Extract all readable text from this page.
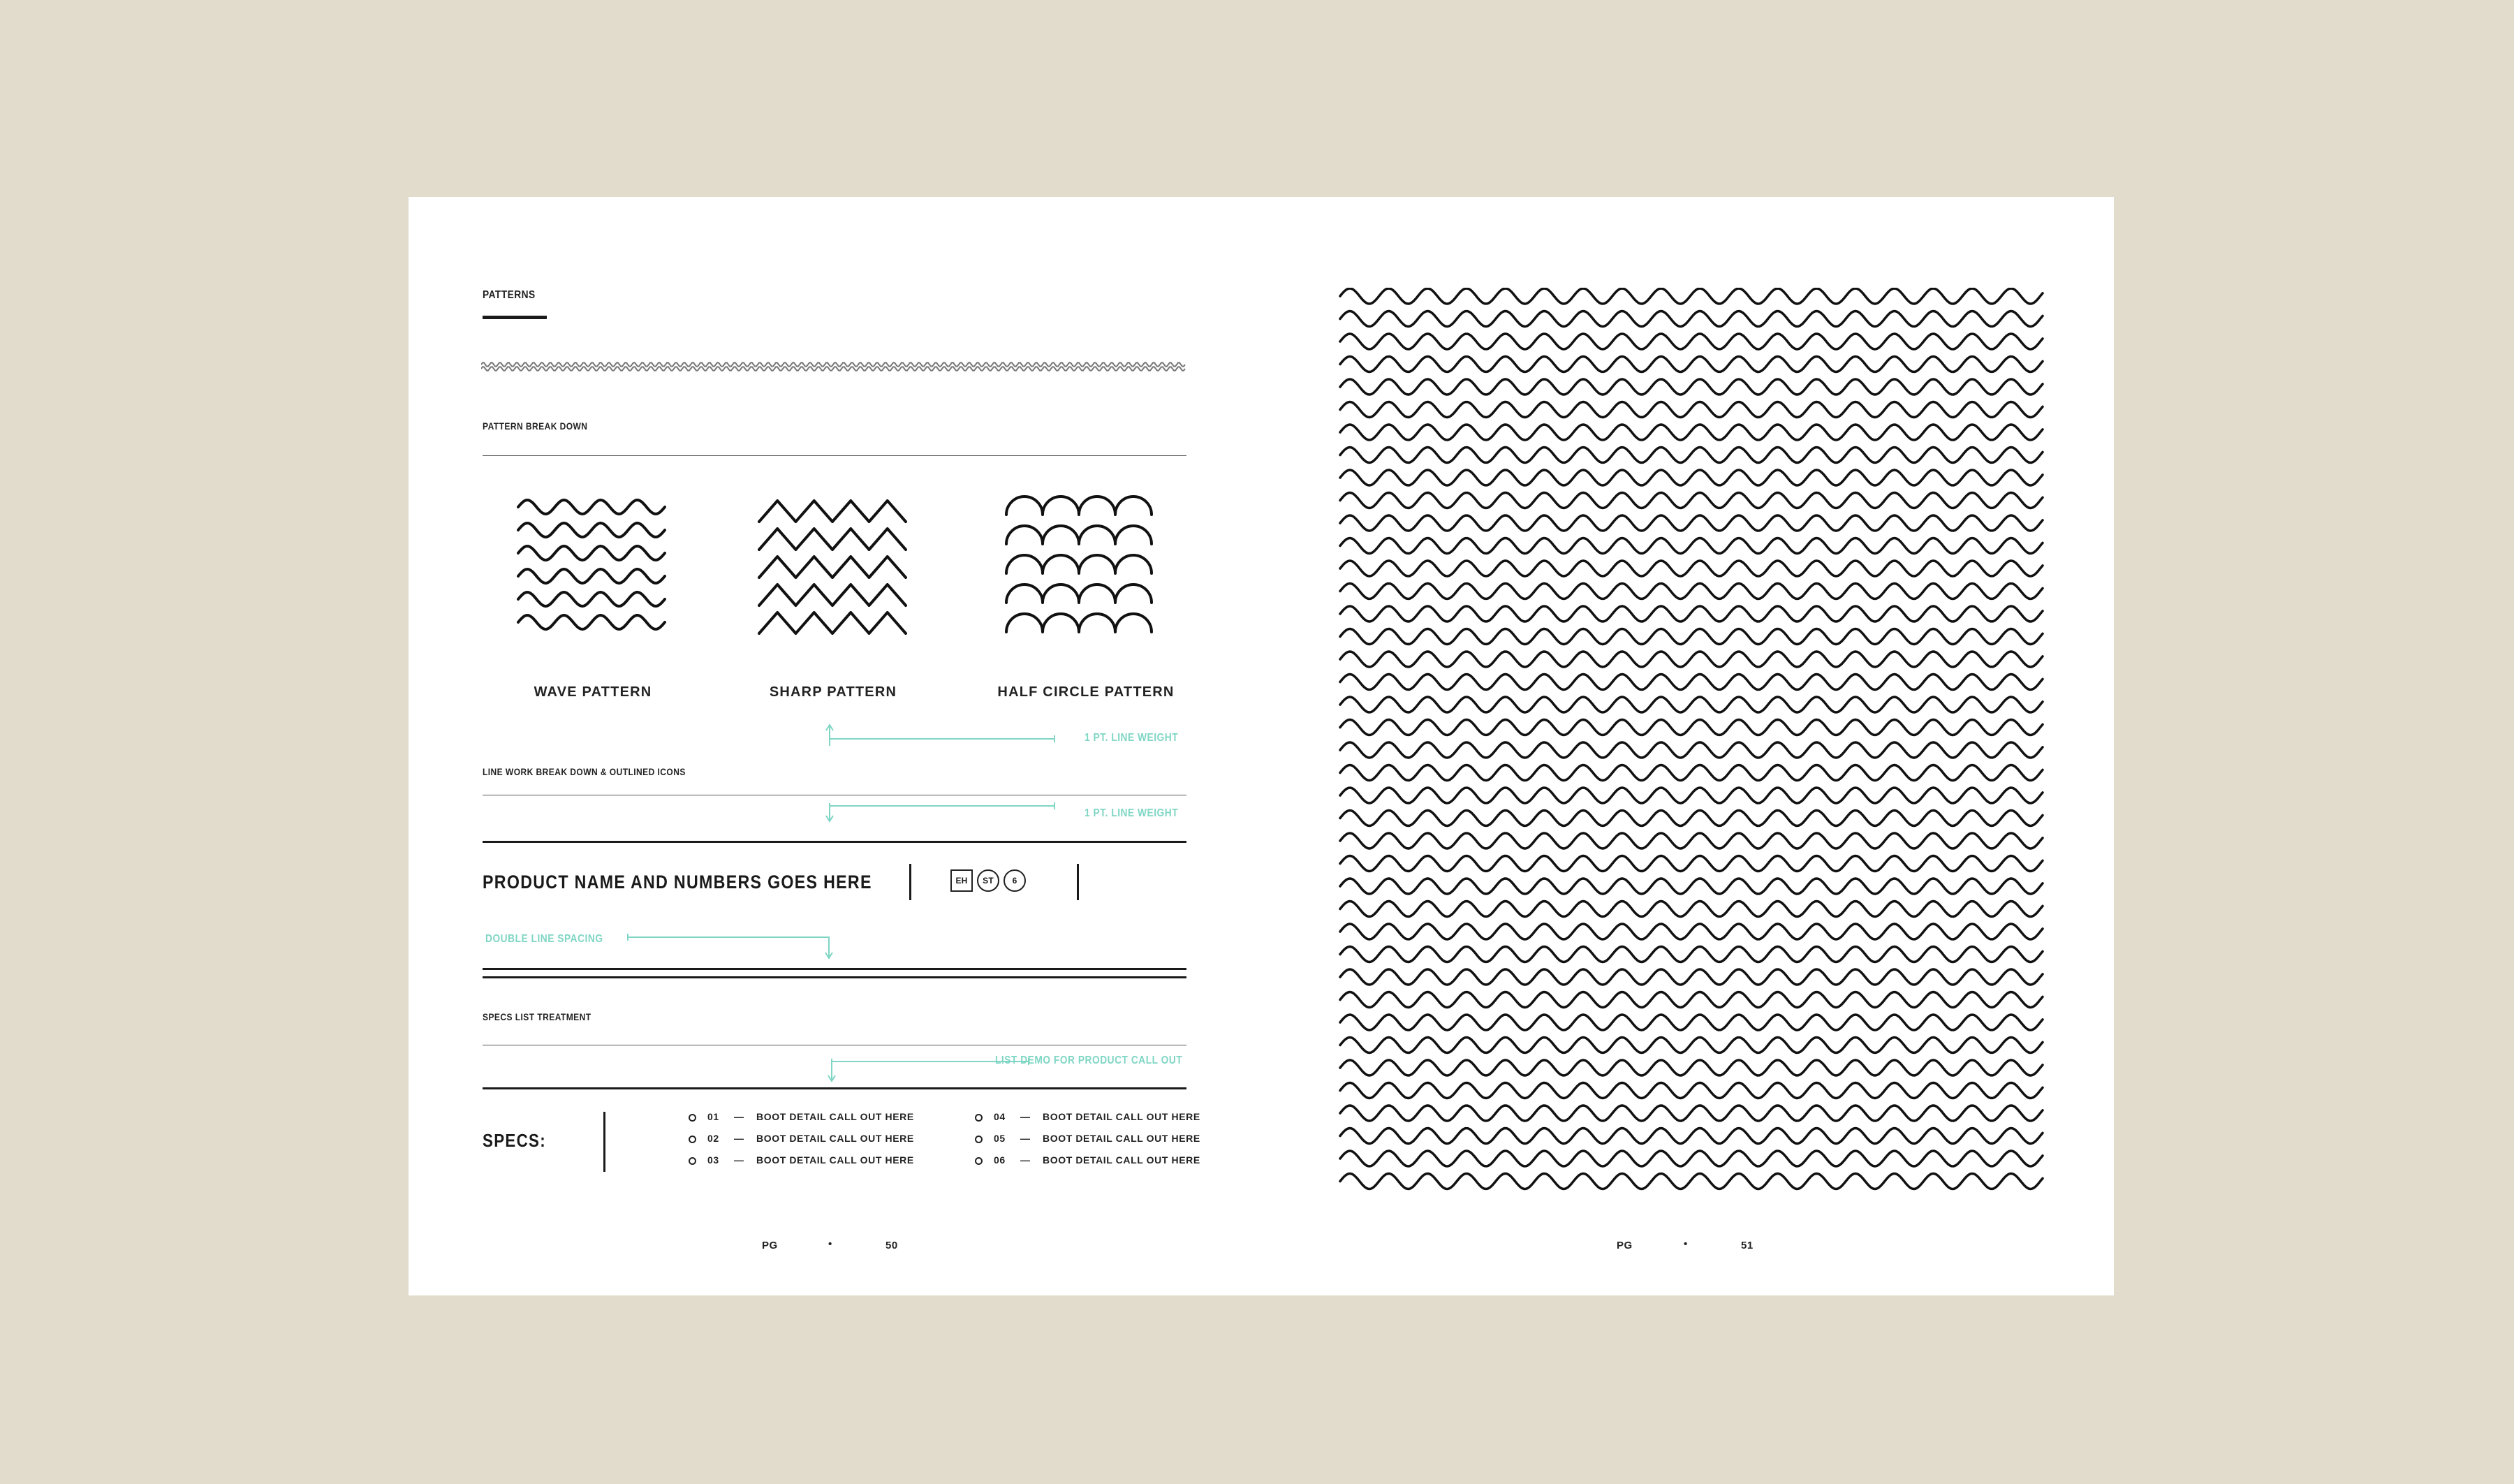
PATTERNS
PATTERN BREAK DOWN
WAVE PATTERN	SHARP PATTERN	HALF CIRCLE PATTERN
1 PT. LINE WEIGHT
LINE WORK BREAK DOWN & OUTLINED ICONS
1 PT. LINE WEIGHT
PRODUCT NAME AND NUMBERS GOES HERE	EH	ST	6
DOUBLE LINE SPACING
SPECS LIST TREATMENT
LIST DEMO FOR PRODUCT CALL OUT
SPECS:
01 — BOOT DETAIL CALL OUT HERE
02 — BOOT DETAIL CALL OUT HERE
03 — BOOT DETAIL CALL OUT HERE
04 — BOOT DETAIL CALL OUT HERE
05 — BOOT DETAIL CALL OUT HERE
06 — BOOT DETAIL CALL OUT HERE
PG	•	50	PG	•	51
